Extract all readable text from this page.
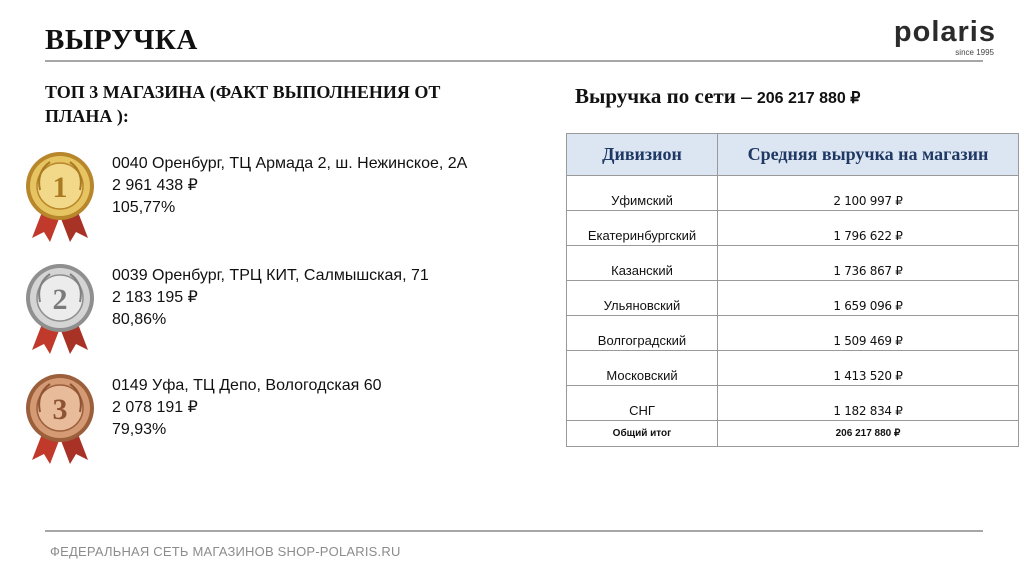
ВЫРУЧКА	polaris
since 1995
ТОП 3 МАГАЗИНА (ФАКТ ВЫПОЛНЕНИЯ ОТ ПЛАНА ):
1
0040 Оренбург, ТЦ Армада 2, ш. Нежинское, 2А
2 961 438 ₽
105,77%
2
0039 Оренбург, ТРЦ КИТ, Салмышская, 71
2 183 195 ₽
80,86%
3
0149 Уфа, ТЦ Депо, Вологодская 60
2 078 191 ₽
79,93%
Выручка по сети – 206 217 880 ₽
Дивизион	Средняя выручка на магазин
Уфимский	2 100 997 ₽
Екатеринбургский	1 796 622 ₽
Казанский	1 736 867 ₽
Ульяновский	1 659 096 ₽
Волгоградский	1 509 469 ₽
Московский	1 413 520 ₽
СНГ	1 182 834 ₽
Общий итог	206 217 880 ₽
ФЕДЕРАЛЬНАЯ СЕТЬ МАГАЗИНОВ SHOP-POLARIS.RU
